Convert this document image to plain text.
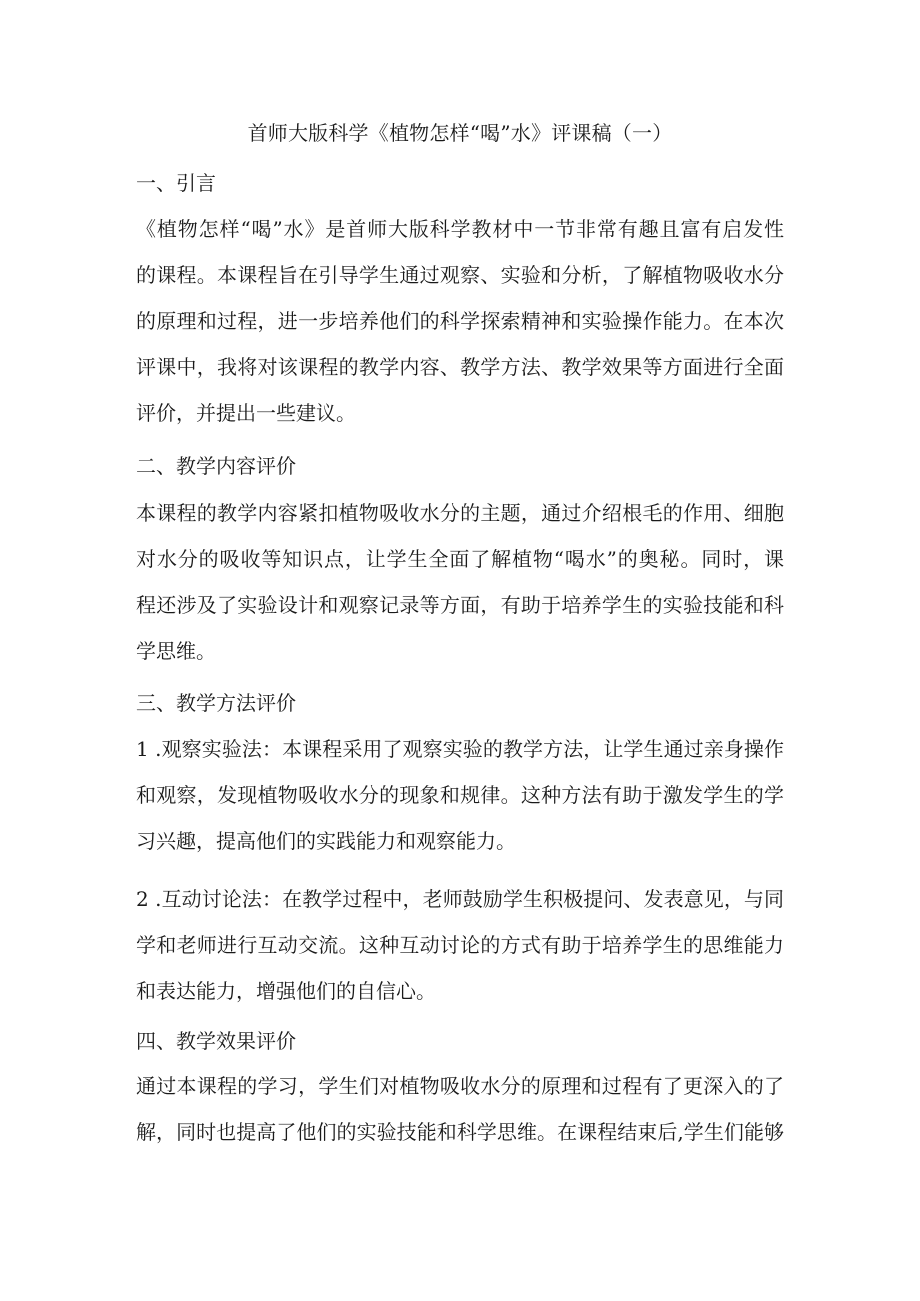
首师大版科学《植物怎样“喝”水》评课稿（一）
一、引言
《植物怎样“喝”水》是首师大版科学教材中一节非常有趣且富有启发性
的课程。本课程旨在引导学生通过观察、实验和分析，了解植物吸收水分
的原理和过程，进一步培养他们的科学探索精神和实验操作能力。在本次
评课中，我将对该课程的教学内容、教学方法、教学效果等方面进行全面
评价，并提出一些建议。
二、教学内容评价
本课程的教学内容紧扣植物吸收水分的主题，通过介绍根毛的作用、细胞
对水分的吸收等知识点，让学生全面了解植物“喝水”的奥秘。同时，课
程还涉及了实验设计和观察记录等方面，有助于培养学生的实验技能和科
学思维。
三、教学方法评价
1 .观察实验法：本课程采用了观察实验的教学方法，让学生通过亲身操作
和观察，发现植物吸收水分的现象和规律。这种方法有助于激发学生的学
习兴趣，提高他们的实践能力和观察能力。
2 .互动讨论法：在教学过程中，老师鼓励学生积极提问、发表意见，与同
学和老师进行互动交流。这种互动讨论的方式有助于培养学生的思维能力
和表达能力，增强他们的自信心。
四、教学效果评价
通过本课程的学习，学生们对植物吸收水分的原理和过程有了更深入的了
解，同时也提高了他们的实验技能和科学思维。在课程结束后,学生们能够
